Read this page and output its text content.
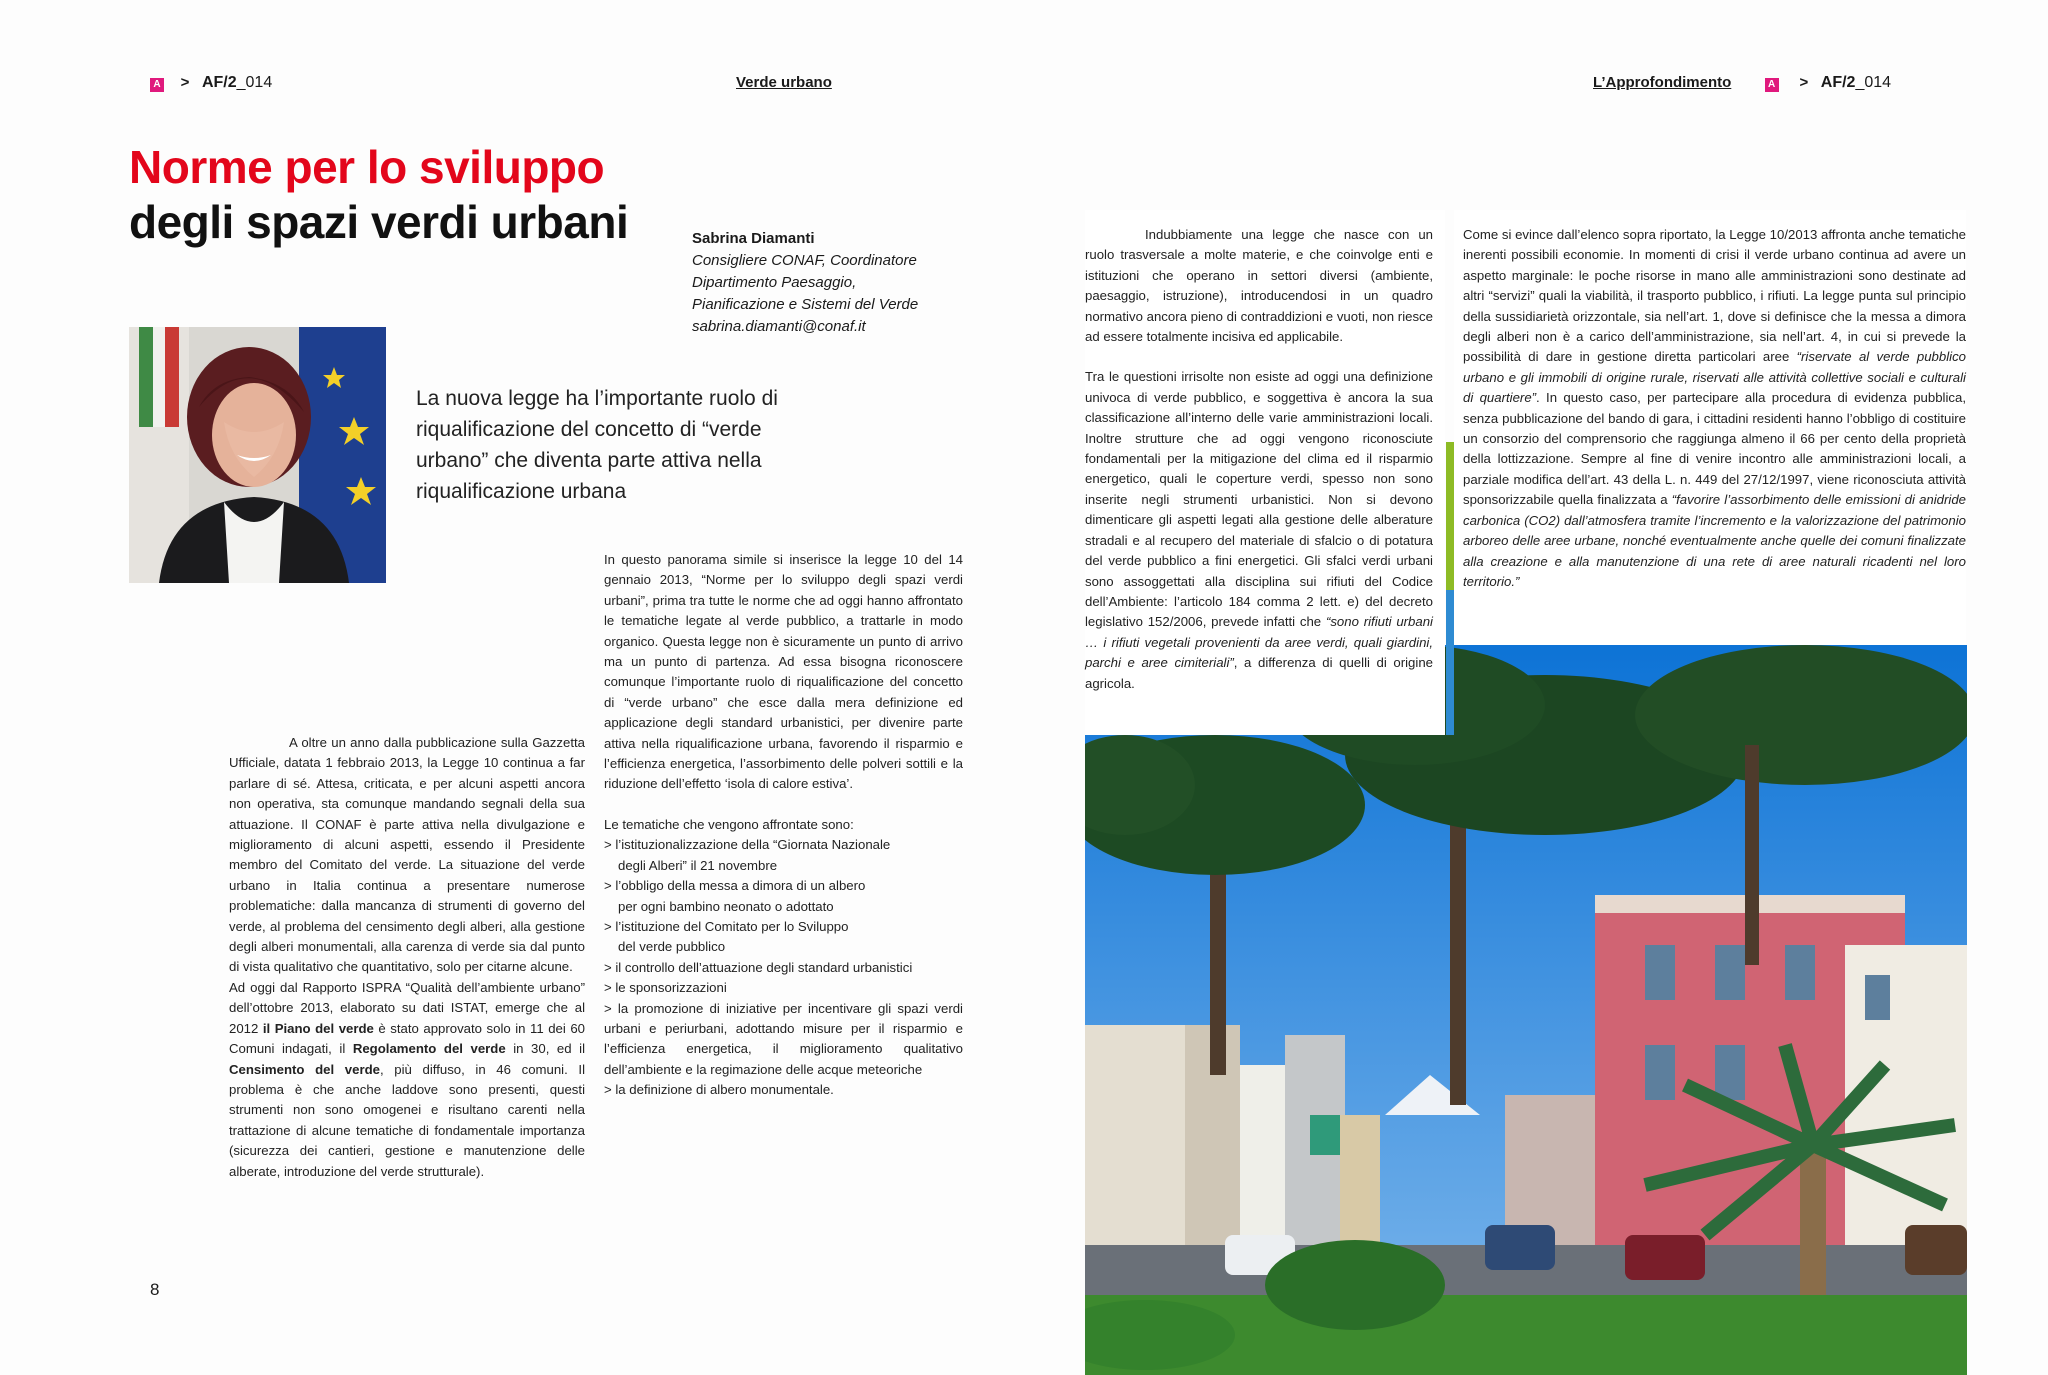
A > AF/2_014	Verde urbano	L’Approfondimento	A > AF/2_014
Norme per lo sviluppo
degli spazi verdi urbani	Sabrina Diamanti
Consigliere CONAF, Coordinatore
Dipartimento Paesaggio,
Pianificazione e Sistemi del Verde
sabrina.diamanti@conaf.it
La nuova legge ha l’importante ruolo di riqualificazione del concetto di “verde urbano” che diventa parte attiva nella riqualificazione urbana

A oltre un anno dalla pubblicazione sulla Gazzetta Ufficiale, datata 1 febbraio 2013, la Legge 10 continua a far parlare di sé. Attesa, criticata, e per alcuni aspetti ancora non operativa, sta comunque mandando segnali della sua attuazione. Il CONAF è parte attiva nella divulgazione e miglioramento di alcuni aspetti, essendo il Presidente membro del Comitato del verde. La situazione del verde urbano in Italia continua a presentare numerose problematiche: dalla mancanza di strumenti di governo del verde, al problema del censimento degli alberi, alla gestione degli alberi monumentali, alla carenza di verde sia dal punto di vista qualitativo che quantitativo, solo per citarne alcune.

Ad oggi dal Rapporto ISPRA “Qualità dell’ambiente urbano” dell’ottobre 2013, elaborato su dati ISTAT, emerge che al 2012 il Piano del verde è stato approvato solo in 11 dei 60 Comuni indagati, il Regolamento del verde in 30, ed il Censimento del verde, più diffuso, in 46 comuni. Il problema è che anche laddove sono presenti, questi strumenti non sono omogenei e risultano carenti nella trattazione di alcune tematiche di fondamentale importanza (sicurezza dei cantieri, gestione e manutenzione delle alberate, introduzione del verde strutturale).

In questo panorama simile si inserisce la legge 10 del 14 gennaio 2013, “Norme per lo sviluppo degli spazi verdi urbani”, prima tra tutte le norme che ad oggi hanno affrontato le tematiche legate al verde pubblico, a trattarle in modo organico. Questa legge non è sicuramente un punto di arrivo ma un punto di partenza. Ad essa bisogna riconoscere comunque l’importante ruolo di riqualificazione del concetto di “verde urbano” che esce dalla mera definizione ed applicazione degli standard urbanistici, per divenire parte attiva nella riqualificazione urbana, favorendo il risparmio e l’efficienza energetica, l’assorbimento delle polveri sottili e la riduzione dell’effetto ‘isola di calore estiva’.

Le tematiche che vengono affrontate sono:

> l’istituzionalizzazione della “Giornata Nazionale
degli Alberi” il 21 novembre
> l’obbligo della messa a dimora di un albero
per ogni bambino neonato o adottato
> l’istituzione del Comitato per lo Sviluppo
del verde pubblico
> il controllo dell’attuazione degli standard urbanistici
> le sponsorizzazioni

> la promozione di iniziative per incentivare gli spazi verdi urbani e periurbani, adottando misure per il risparmio e l’efficienza energetica, il miglioramento qualitativo dell’ambiente e la regimazione delle acque meteoriche

> la definizione di albero monumentale.

Indubbiamente una legge che nasce con un ruolo trasversale a molte materie, e che coinvolge enti e istituzioni che operano in settori diversi (ambiente, paesaggio, istruzione), introducendosi in un quadro normativo ancora pieno di contraddizioni e vuoti, non riesce ad essere totalmente incisiva ed applicabile.

Tra le questioni irrisolte non esiste ad oggi una definizione univoca di verde pubblico, e soggettiva è ancora la sua classificazione all’interno delle varie amministrazioni locali. Inoltre strutture che ad oggi vengono riconosciute fondamentali per la mitigazione del clima ed il risparmio energetico, quali le coperture verdi, spesso non sono inserite negli strumenti urbanistici. Non si devono dimenticare gli aspetti legati alla gestione delle alberature stradali e al recupero del materiale di sfalcio o di potatura del verde pubblico a fini energetici. Gli sfalci verdi urbani sono assoggettati alla disciplina sui rifiuti del Codice dell’Ambiente: l’articolo 184 comma 2 lett. e) del decreto legislativo 152/2006, prevede infatti che “sono rifiuti urbani … i rifiuti vegetali provenienti da aree verdi, quali giardini, parchi e aree cimiteriali”, a differenza di quelli di origine agricola.

Come si evince dall’elenco sopra riportato, la Legge 10/2013 affronta anche tematiche inerenti possibili economie. In momenti di crisi il verde urbano continua ad avere un aspetto marginale: le poche risorse in mano alle amministrazioni sono destinate ad altri “servizi” quali la viabilità, il trasporto pubblico, i rifiuti. La legge punta sul principio della sussidiarietà orizzontale, sia nell’art. 1, dove si definisce che la messa a dimora degli alberi non è a carico dell’amministrazione, sia nell’art. 4, in cui si prevede la possibilità di dare in gestione diretta particolari aree “riservate al verde pubblico urbano e gli immobili di origine rurale, riservati alle attività collettive sociali e culturali di quartiere”. In questo caso, per partecipare alla procedura di evidenza pubblica, senza pubblicazione del bando di gara, i cittadini residenti hanno l’obbligo di costituire un consorzio del comprensorio che raggiunga almeno il 66 per cento della proprietà della lottizzazione. Sempre al fine di venire incontro alle amministrazioni locali, a parziale modifica dell’art. 43 della L. n. 449 del 27/12/1997, viene riconosciuta attività sponsorizzabile quella finalizzata a “favorire l’assorbimento delle emissioni di anidride carbonica (CO2) dall’atmosfera tramite l’incremento e la valorizzazione del patrimonio arboreo delle aree urbane, nonché eventualmente anche quelle dei comuni finalizzate alla creazione e alla manutenzione di una rete di aree naturali ricadenti nel loro territorio.”

8
